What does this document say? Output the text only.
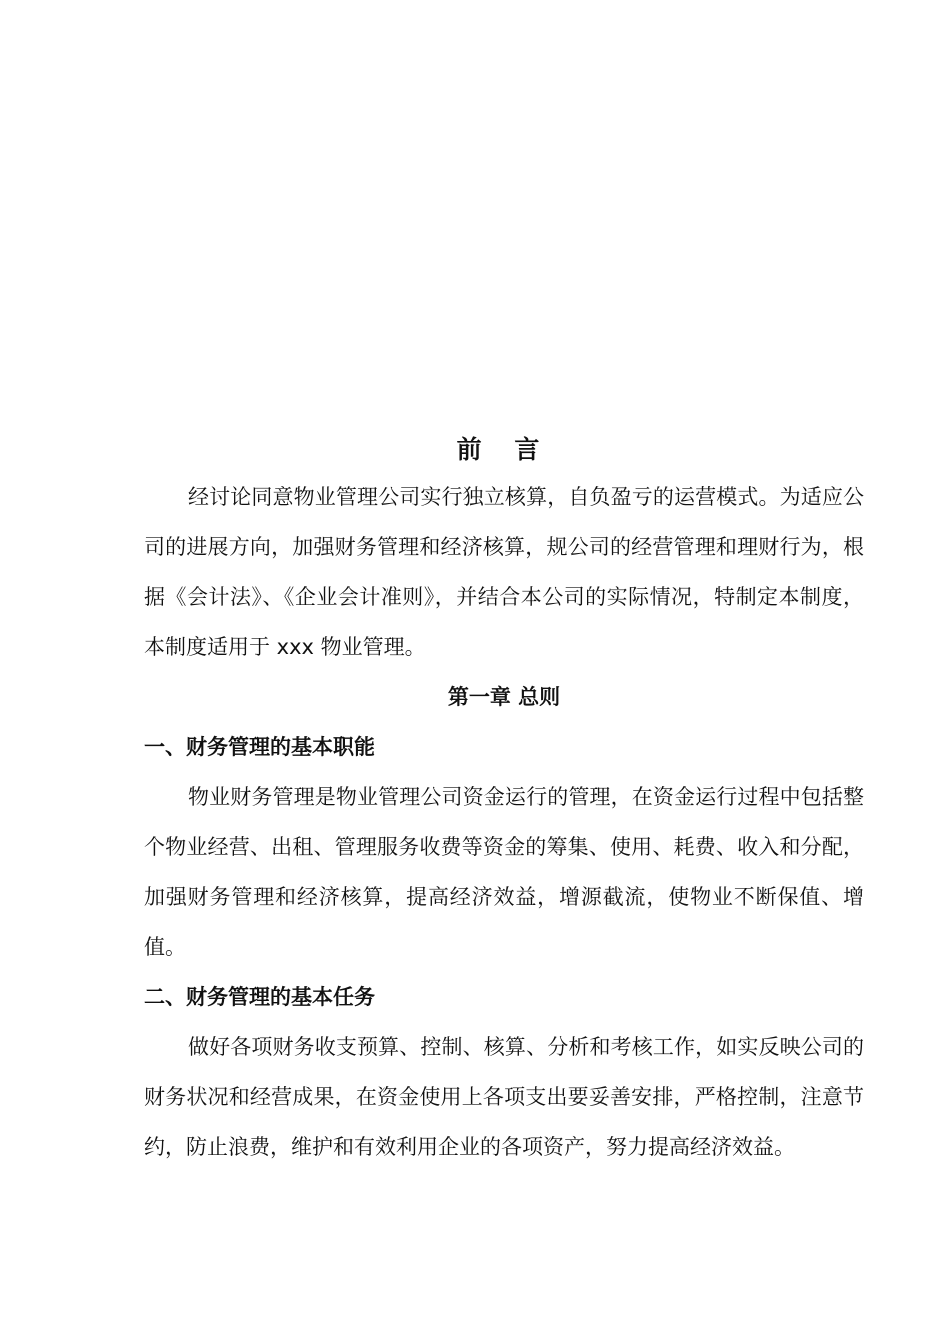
前 言

经讨论同意物业管理公司实行独立核算，自负盈亏的运营模式。为适应公司的进展方向，加强财务管理和经济核算，规公司的经营管理和理财行为，根据《会计法》、《企业会计准则》，并结合本公司的实际情况，特制定本制度，本制度适用于 xxx 物业管理。

第一章 总则
一、财务管理的基本职能

物业财务管理是物业管理公司资金运行的管理，在资金运行过程中包括整个物业经营、出租、管理服务收费等资金的筹集、使用、耗费、收入和分配，加强财务管理和经济核算，提高经济效益，增源截流，使物业不断保值、增值。

二、财务管理的基本任务

做好各项财务收支预算、控制、核算、分析和考核工作，如实反映公司的财务状况和经营成果，在资金使用上各项支出要妥善安排，严格控制，注意节约，防止浪费，维护和有效利用企业的各项资产，努力提高经济效益。
